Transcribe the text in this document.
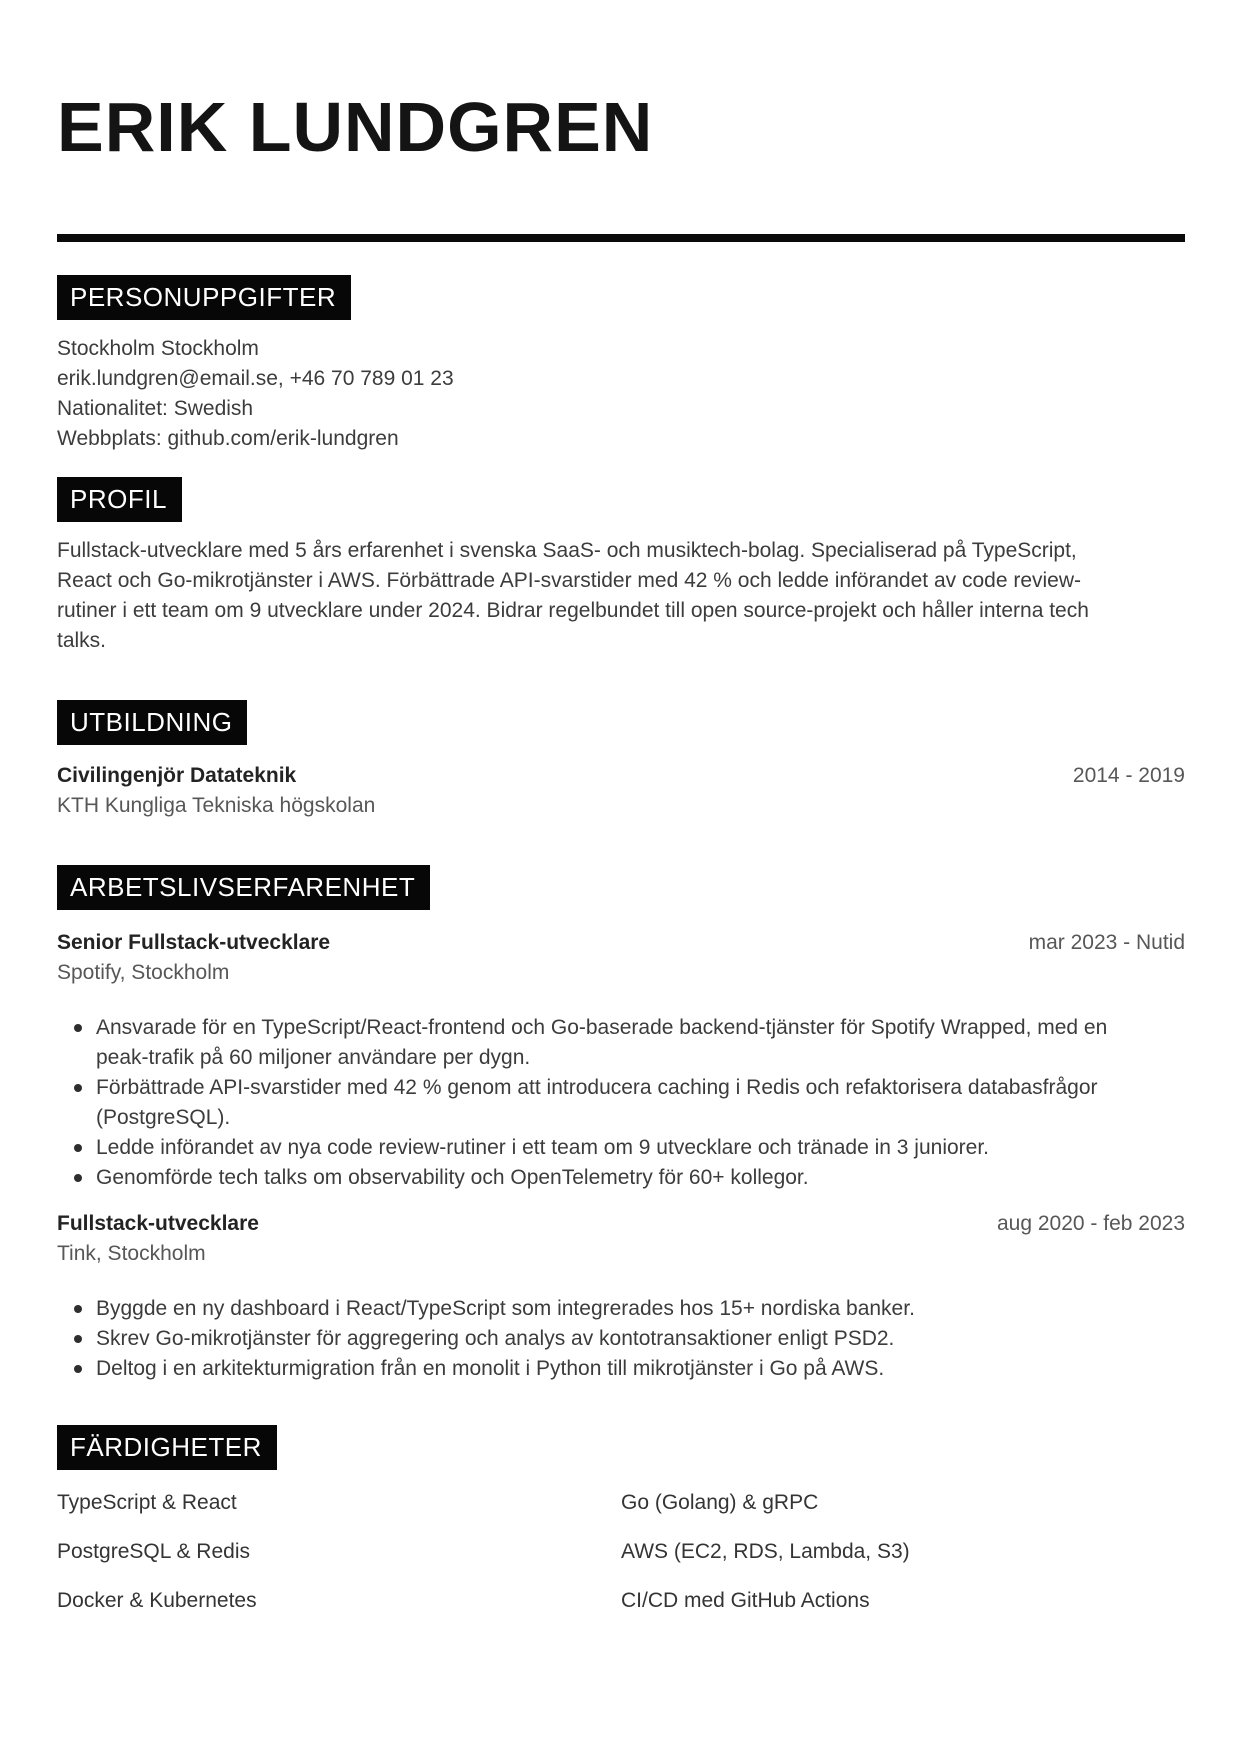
ERIK LUNDGREN
PERSONUPPGIFTER
Stockholm Stockholm
erik.lundgren@email.se, +46 70 789 01 23
Nationalitet: Swedish
Webbplats: github.com/erik-lundgren
PROFIL

Fullstack-utvecklare med 5 års erfarenhet i svenska SaaS- och musiktech-bolag. Specialiserad på TypeScript, React och Go-mikrotjänster i AWS. Förbättrade API-svarstider med 42 % och ledde införandet av code review-rutiner i ett team om 9 utvecklare under 2024. Bidrar regelbundet till open source-projekt och håller interna tech talks.

UTBILDNING
Civilingenjör Datateknik	2014 - 2019
KTH Kungliga Tekniska högskolan
ARBETSLIVSERFARENHET
Senior Fullstack-utvecklare	mar 2023 - Nutid
Spotify, Stockholm
Ansvarade för en TypeScript/React-frontend och Go-baserade backend-tjänster för Spotify Wrapped, med en peak-trafik på 60 miljoner användare per dygn.
Förbättrade API-svarstider med 42 % genom att introducera caching i Redis och refaktorisera databasfrågor (PostgreSQL).
Ledde införandet av nya code review-rutiner i ett team om 9 utvecklare och tränade in 3 juniorer.
Genomförde tech talks om observability och OpenTelemetry för 60+ kollegor.
Fullstack-utvecklare	aug 2020 - feb 2023
Tink, Stockholm
Byggde en ny dashboard i React/TypeScript som integrerades hos 15+ nordiska banker.
Skrev Go-mikrotjänster för aggregering och analys av kontotransaktioner enligt PSD2.
Deltog i en arkitekturmigration från en monolit i Python till mikrotjänster i Go på AWS.
FÄRDIGHETER
TypeScript & React	Go (Golang) & gRPC
PostgreSQL & Redis	AWS (EC2, RDS, Lambda, S3)
Docker & Kubernetes	CI/CD med GitHub Actions
